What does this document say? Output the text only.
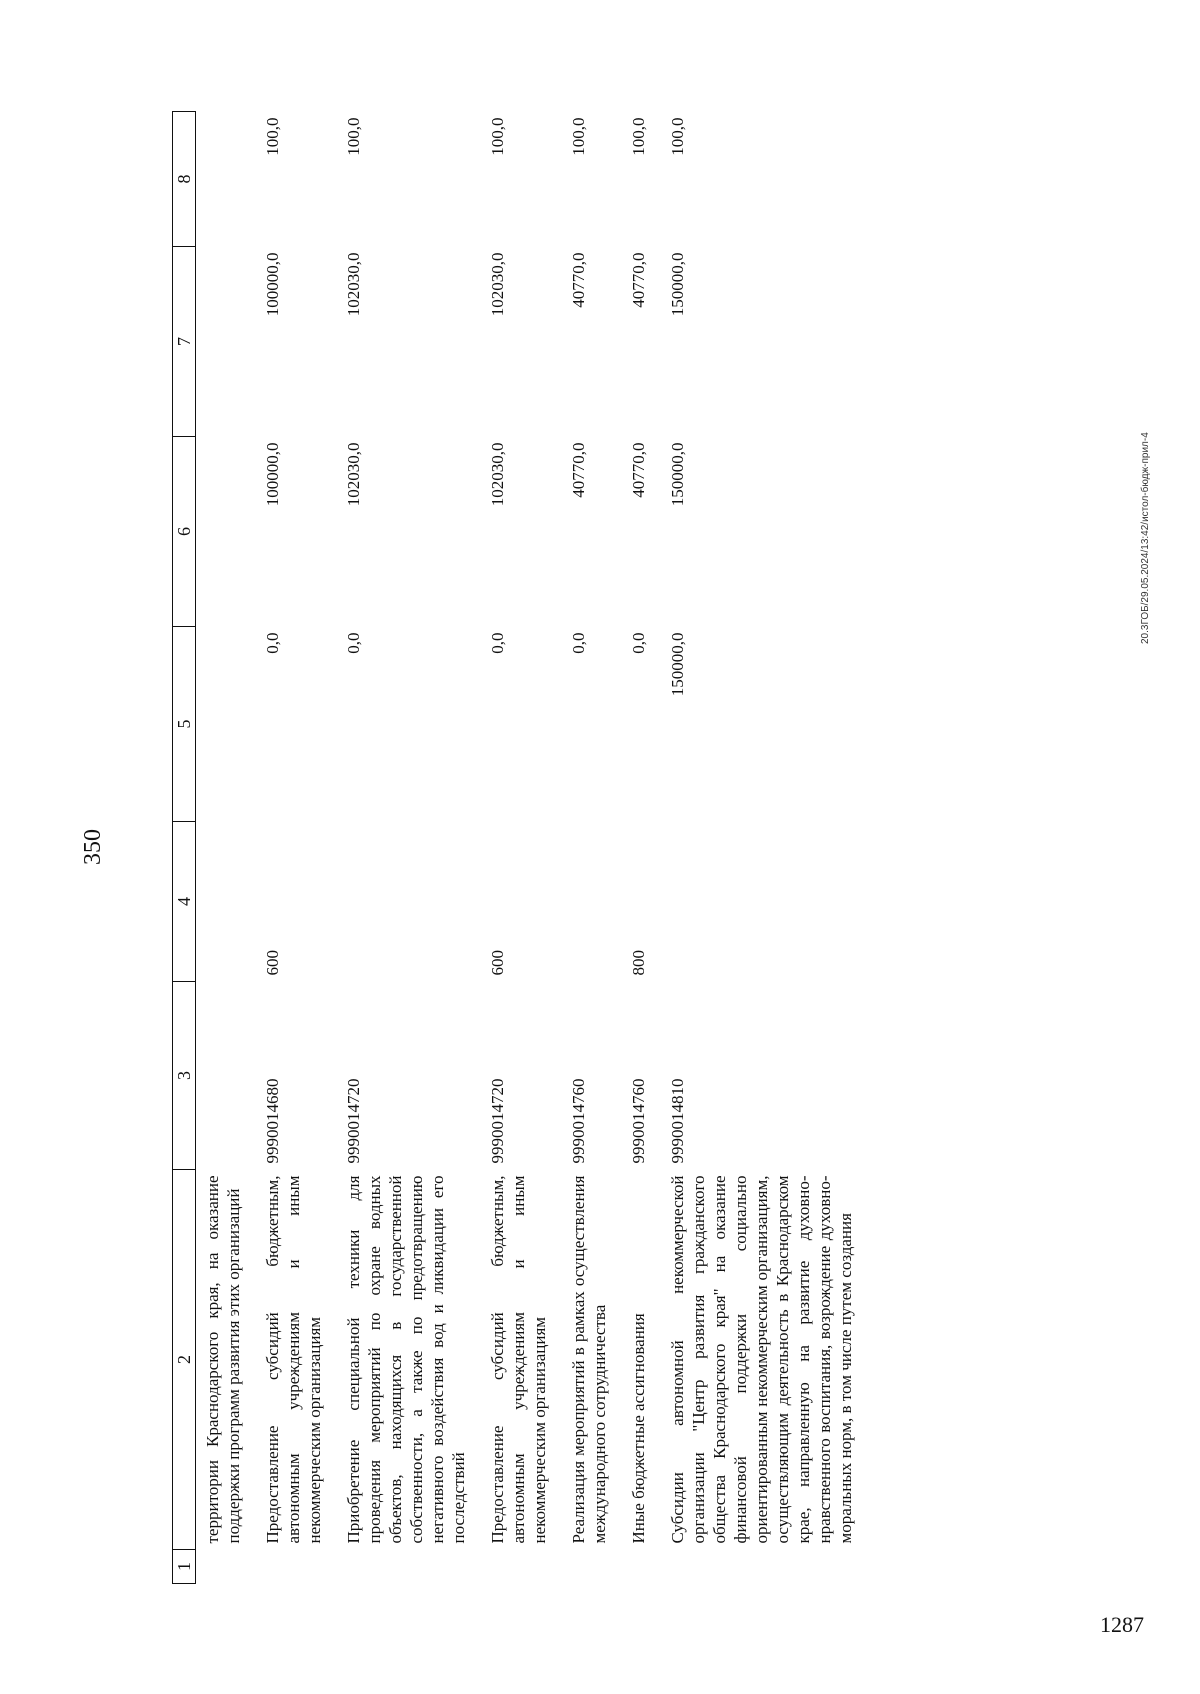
350
1	2	3	4	5	6	7	8
	территории Краснодарского края, на оказание поддержки программ развития этих организаций						
	Предоставление субсидий бюджетным, автономным учреждениям и иным некоммерческим организациям	9990014680	600	0,0	100000,0	100000,0	100,0
	Приобретение специальной техники для проведения мероприятий по охране водных объектов, находящихся в государственной собственности, а также по предотвращению негативного воздействия вод и ликвидации его последствий	9990014720		0,0	102030,0	102030,0	100,0
	Предоставление субсидий бюджетным, автономным учреждениям и иным некоммерческим организациям	9990014720	600	0,0	102030,0	102030,0	100,0
	Реализация мероприятий в рамках осуществления международного сотрудничества	9990014760		0,0	40770,0	40770,0	100,0
	Иные бюджетные ассигнования	9990014760	800	0,0	40770,0	40770,0	100,0
	Субсидии автономной некоммерческой организации "Центр развития гражданского общества Краснодарского края" на оказание финансовой поддержки социально ориентированным некоммерческим организациям, осуществляющим деятельность в Краснодарском крае, направленную на развитие духовно-нравственного воспитания, возрождение духовно-моральных норм, в том числе путем создания	9990014810		150000,0	150000,0	150000,0	100,0
20.3ГОБ/29.05.2024/13:42/истол-бюдж-прил-4
1287
